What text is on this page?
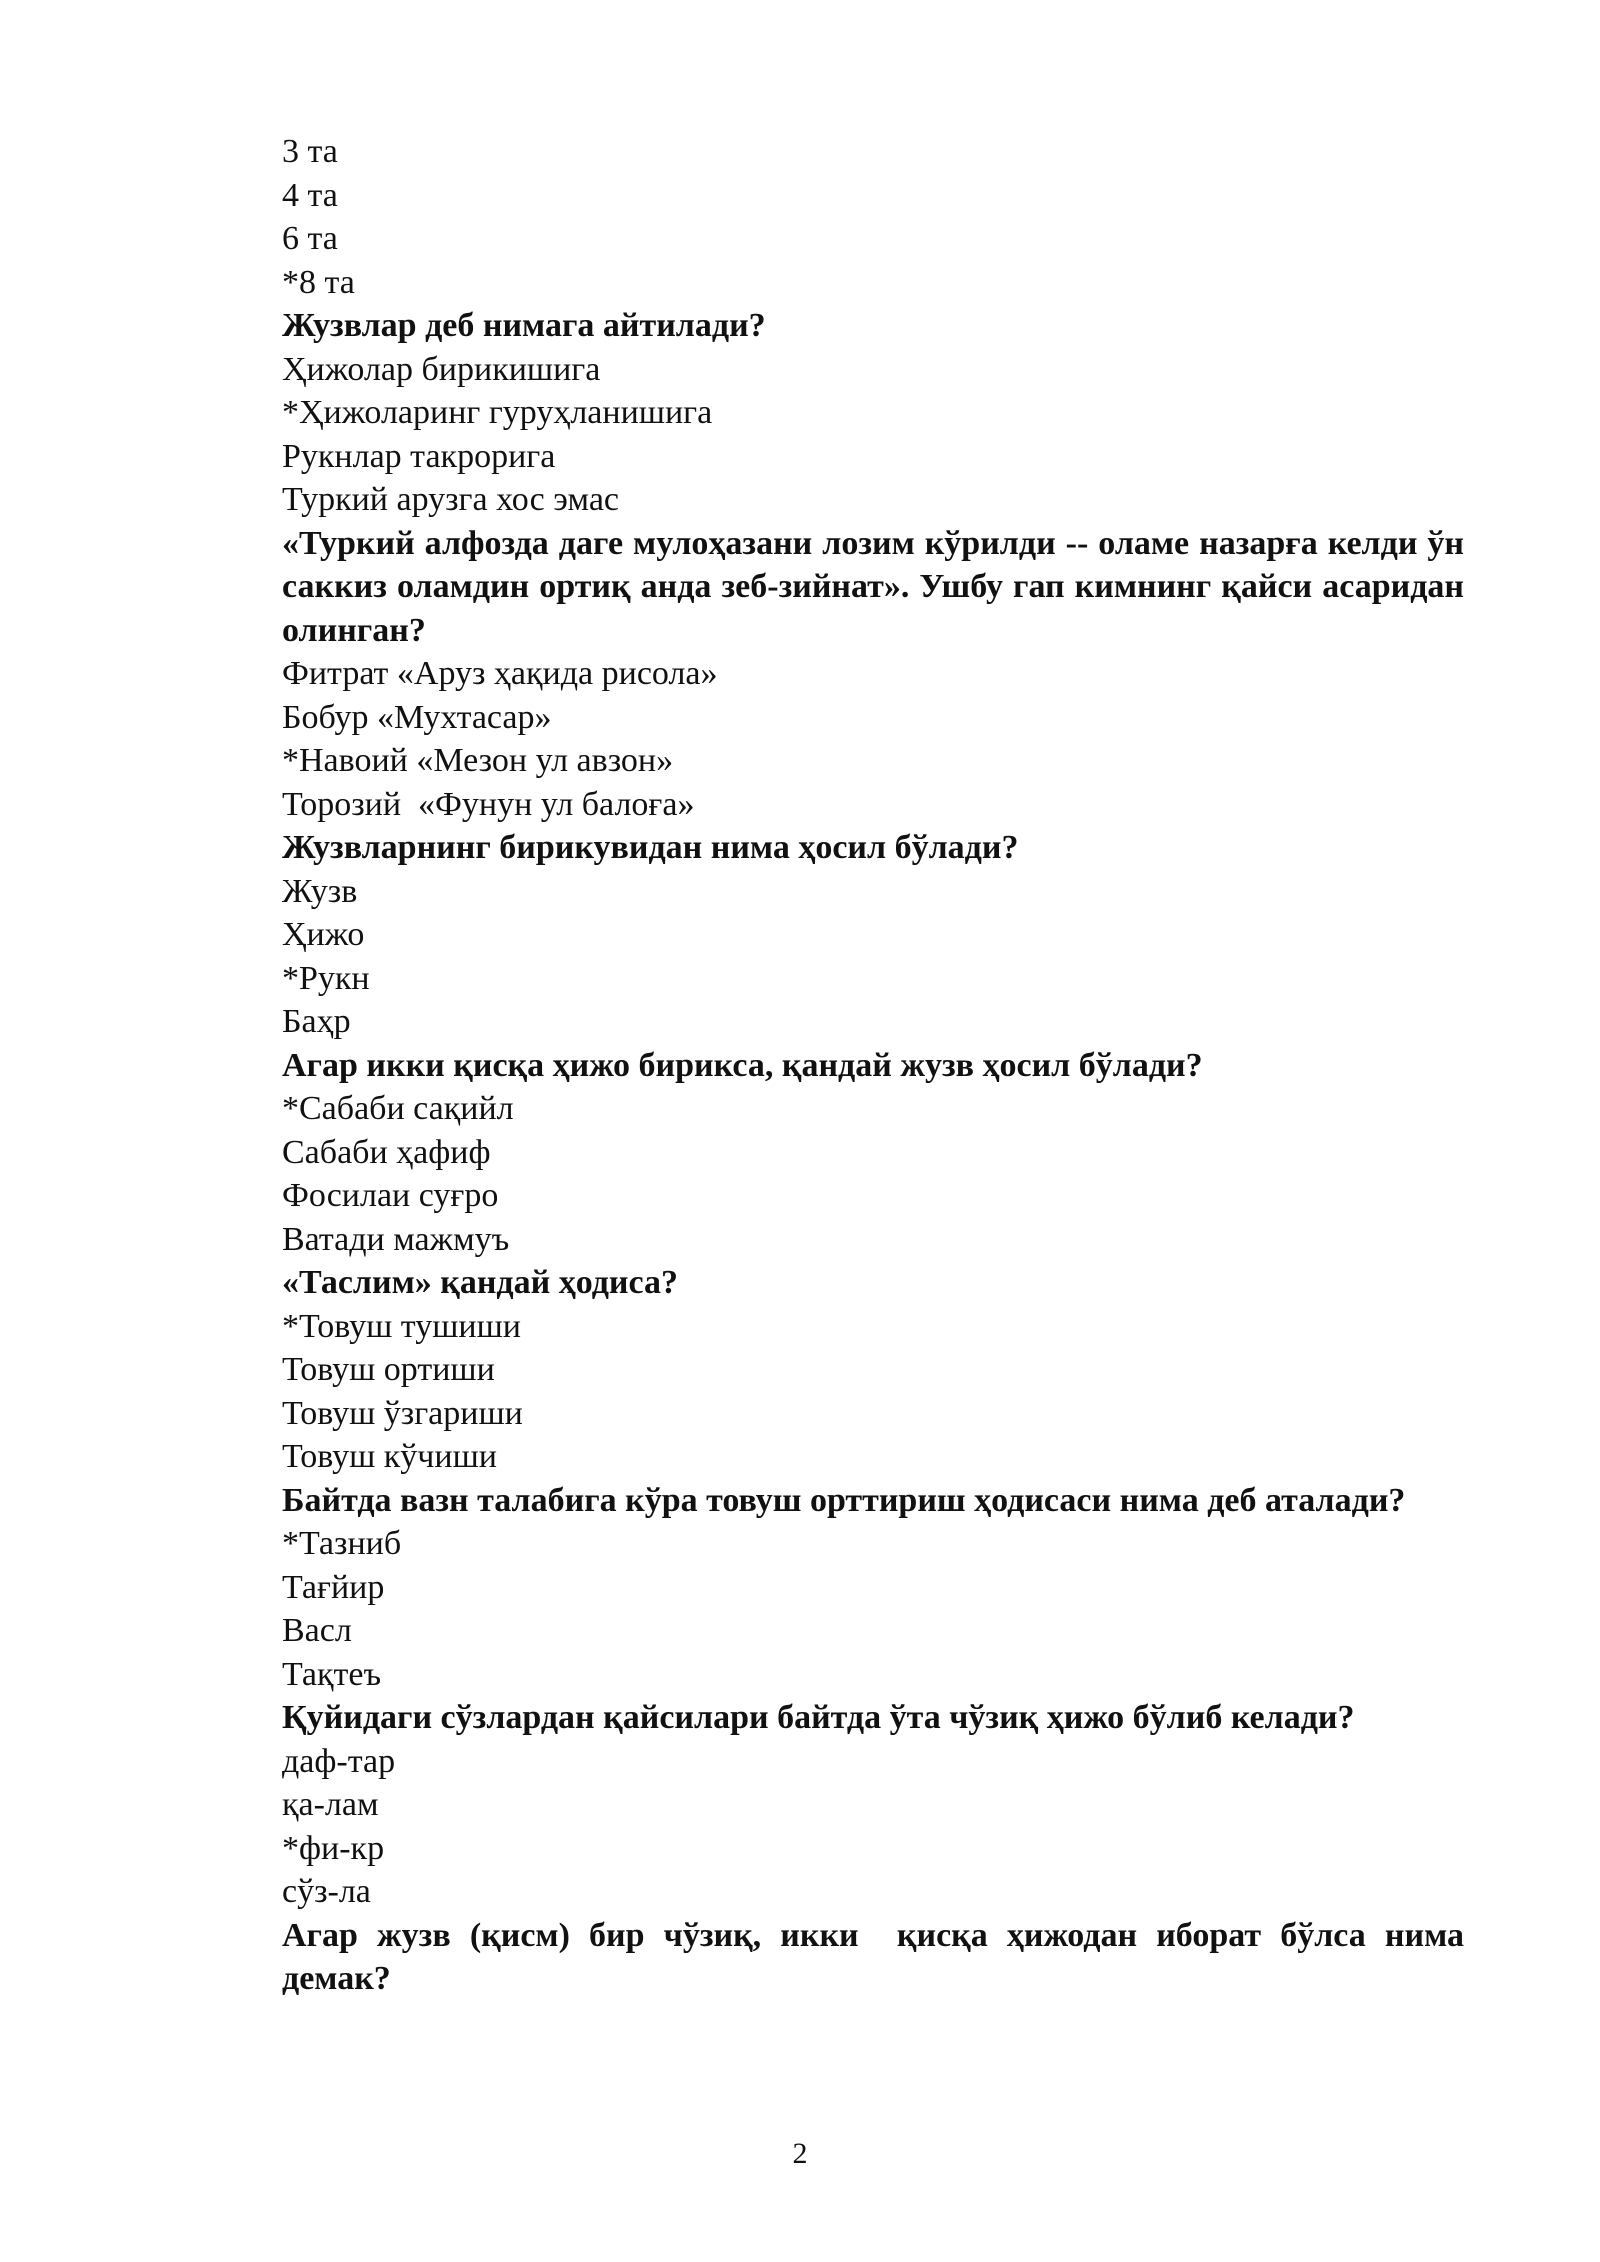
3 та

4 та

6 та

*8 та

Жузвлар деб нимага айтилади?

Ҳижолар бирикишига

*Ҳижоларинг гуруҳланишига

Рукнлар такрорига

Туркий арузга хос эмас

«Туркий алфозда даге мулоҳазани лозим кўрилди -- оламе назарға келди ўн саккиз оламдин ортиқ анда зеб-зийнат». Ушбу гап кимнинг қайси асаридан олинган?

Фитрат «Аруз ҳақида рисола»

Бобур «Мухтасар»

*Навоий «Мезон ул авзон»

Торозий  «Фунун ул балоға»

Жузвларнинг бирикувидан нима ҳосил бўлади?

Жузв

Ҳижо

*Рукн

Баҳр

Агар икки қисқа ҳижо бирикса, қандай жузв ҳосил бўлади?

*Сабаби сақийл

Сабаби ҳафиф

Фосилаи суғро

Ватади мажмуъ

«Таслим» қандай ҳодиса?

*Товуш тушиши

Товуш ортиши

Товуш ўзгариши

Товуш кўчиши

Байтда вазн талабига кўра товуш орттириш ҳодисаси нима деб аталади?

*Тазниб

Тағйир

Васл

Тақтеъ

Қуйидаги сўзлардан қайсилари байтда ўта чўзиқ ҳижо бўлиб келади?

даф-тар

қа-лам

*фи-кр

сўз-ла

Агар жузв (қисм) бир чўзиқ, икки  қисқа ҳижодан иборат бўлса нима демак?

2
